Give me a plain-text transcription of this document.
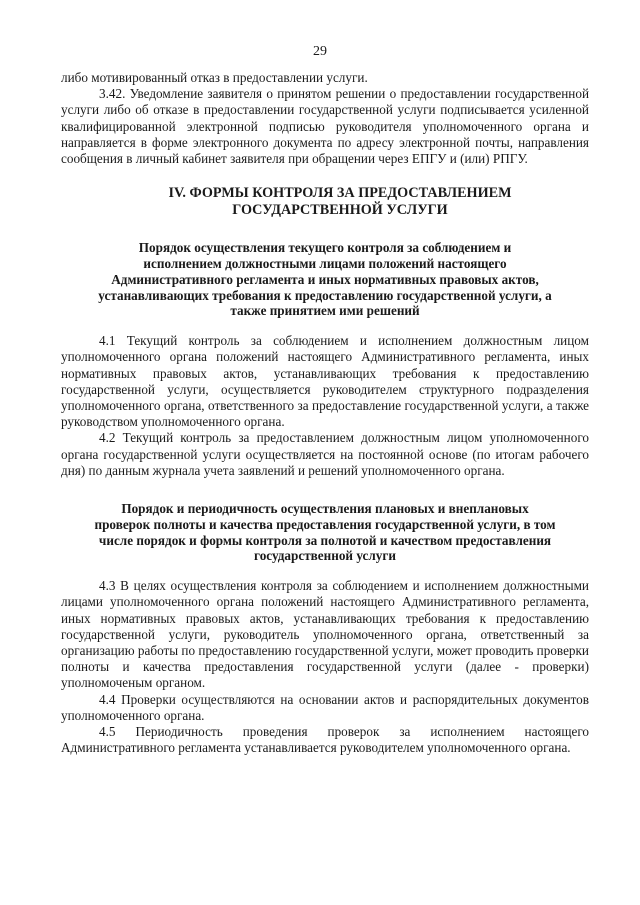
29

либо мотивированный отказ в предоставлении услуги.

3.42. Уведомление заявителя о принятом решении о предоставлении государственной услуги либо об отказе в предоставлении государственной услуги подписывается усиленной квалифицированной электронной подписью руководителя уполномоченного органа и направляется в форме электронного документа по адресу электронной почты, направления сообщения в личный кабинет заявителя при обращении через ЕПГУ и (или) РПГУ.

IV. ФОРМЫ КОНТРОЛЯ ЗА ПРЕДОСТАВЛЕНИЕМ
ГОСУДАРСТВЕННОЙ УСЛУГИ
Порядок осуществления текущего контроля за соблюдением и
исполнением должностными лицами положений настоящего
Административного регламента и иных нормативных правовых актов,
устанавливающих требования к предоставлению государственной услуги, а
также принятием ими решений

4.1 Текущий контроль за соблюдением и исполнением должностным лицом уполномоченного органа положений настоящего Административного регламента, иных нормативных правовых актов, устанавливающих требования к предоставлению государственной услуги, осуществляется руководителем структурного подразделения уполномоченного органа, ответственного за предоставление государственной услуги, а также руководством уполномоченного органа.

4.2 Текущий контроль за предоставлением должностным лицом уполномоченного органа государственной услуги осуществляется на постоянной основе (по итогам рабочего дня) по данным журнала учета заявлений и решений уполномоченного органа.

Порядок и периодичность осуществления плановых и внеплановых
проверок полноты и качества предоставления государственной услуги, в том
числе порядок и формы контроля за полнотой и качеством предоставления
государственной услуги

4.3 В целях осуществления контроля за соблюдением и исполнением должностными лицами уполномоченного органа положений настоящего Административного регламента, иных нормативных правовых актов, устанавливающих требования к предоставлению государственной услуги, руководитель уполномоченного органа, ответственный за организацию работы по предоставлению государственной услуги, может проводить проверки полноты и качества предоставления государственной услуги (далее - проверки) уполномоченым органом.

4.4 Проверки осуществляются на основании актов и распорядительных документов уполномоченного органа.

4.5 Периодичность проведения проверок за исполнением настоящего Административного регламента устанавливается руководителем уполномоченного органа.
